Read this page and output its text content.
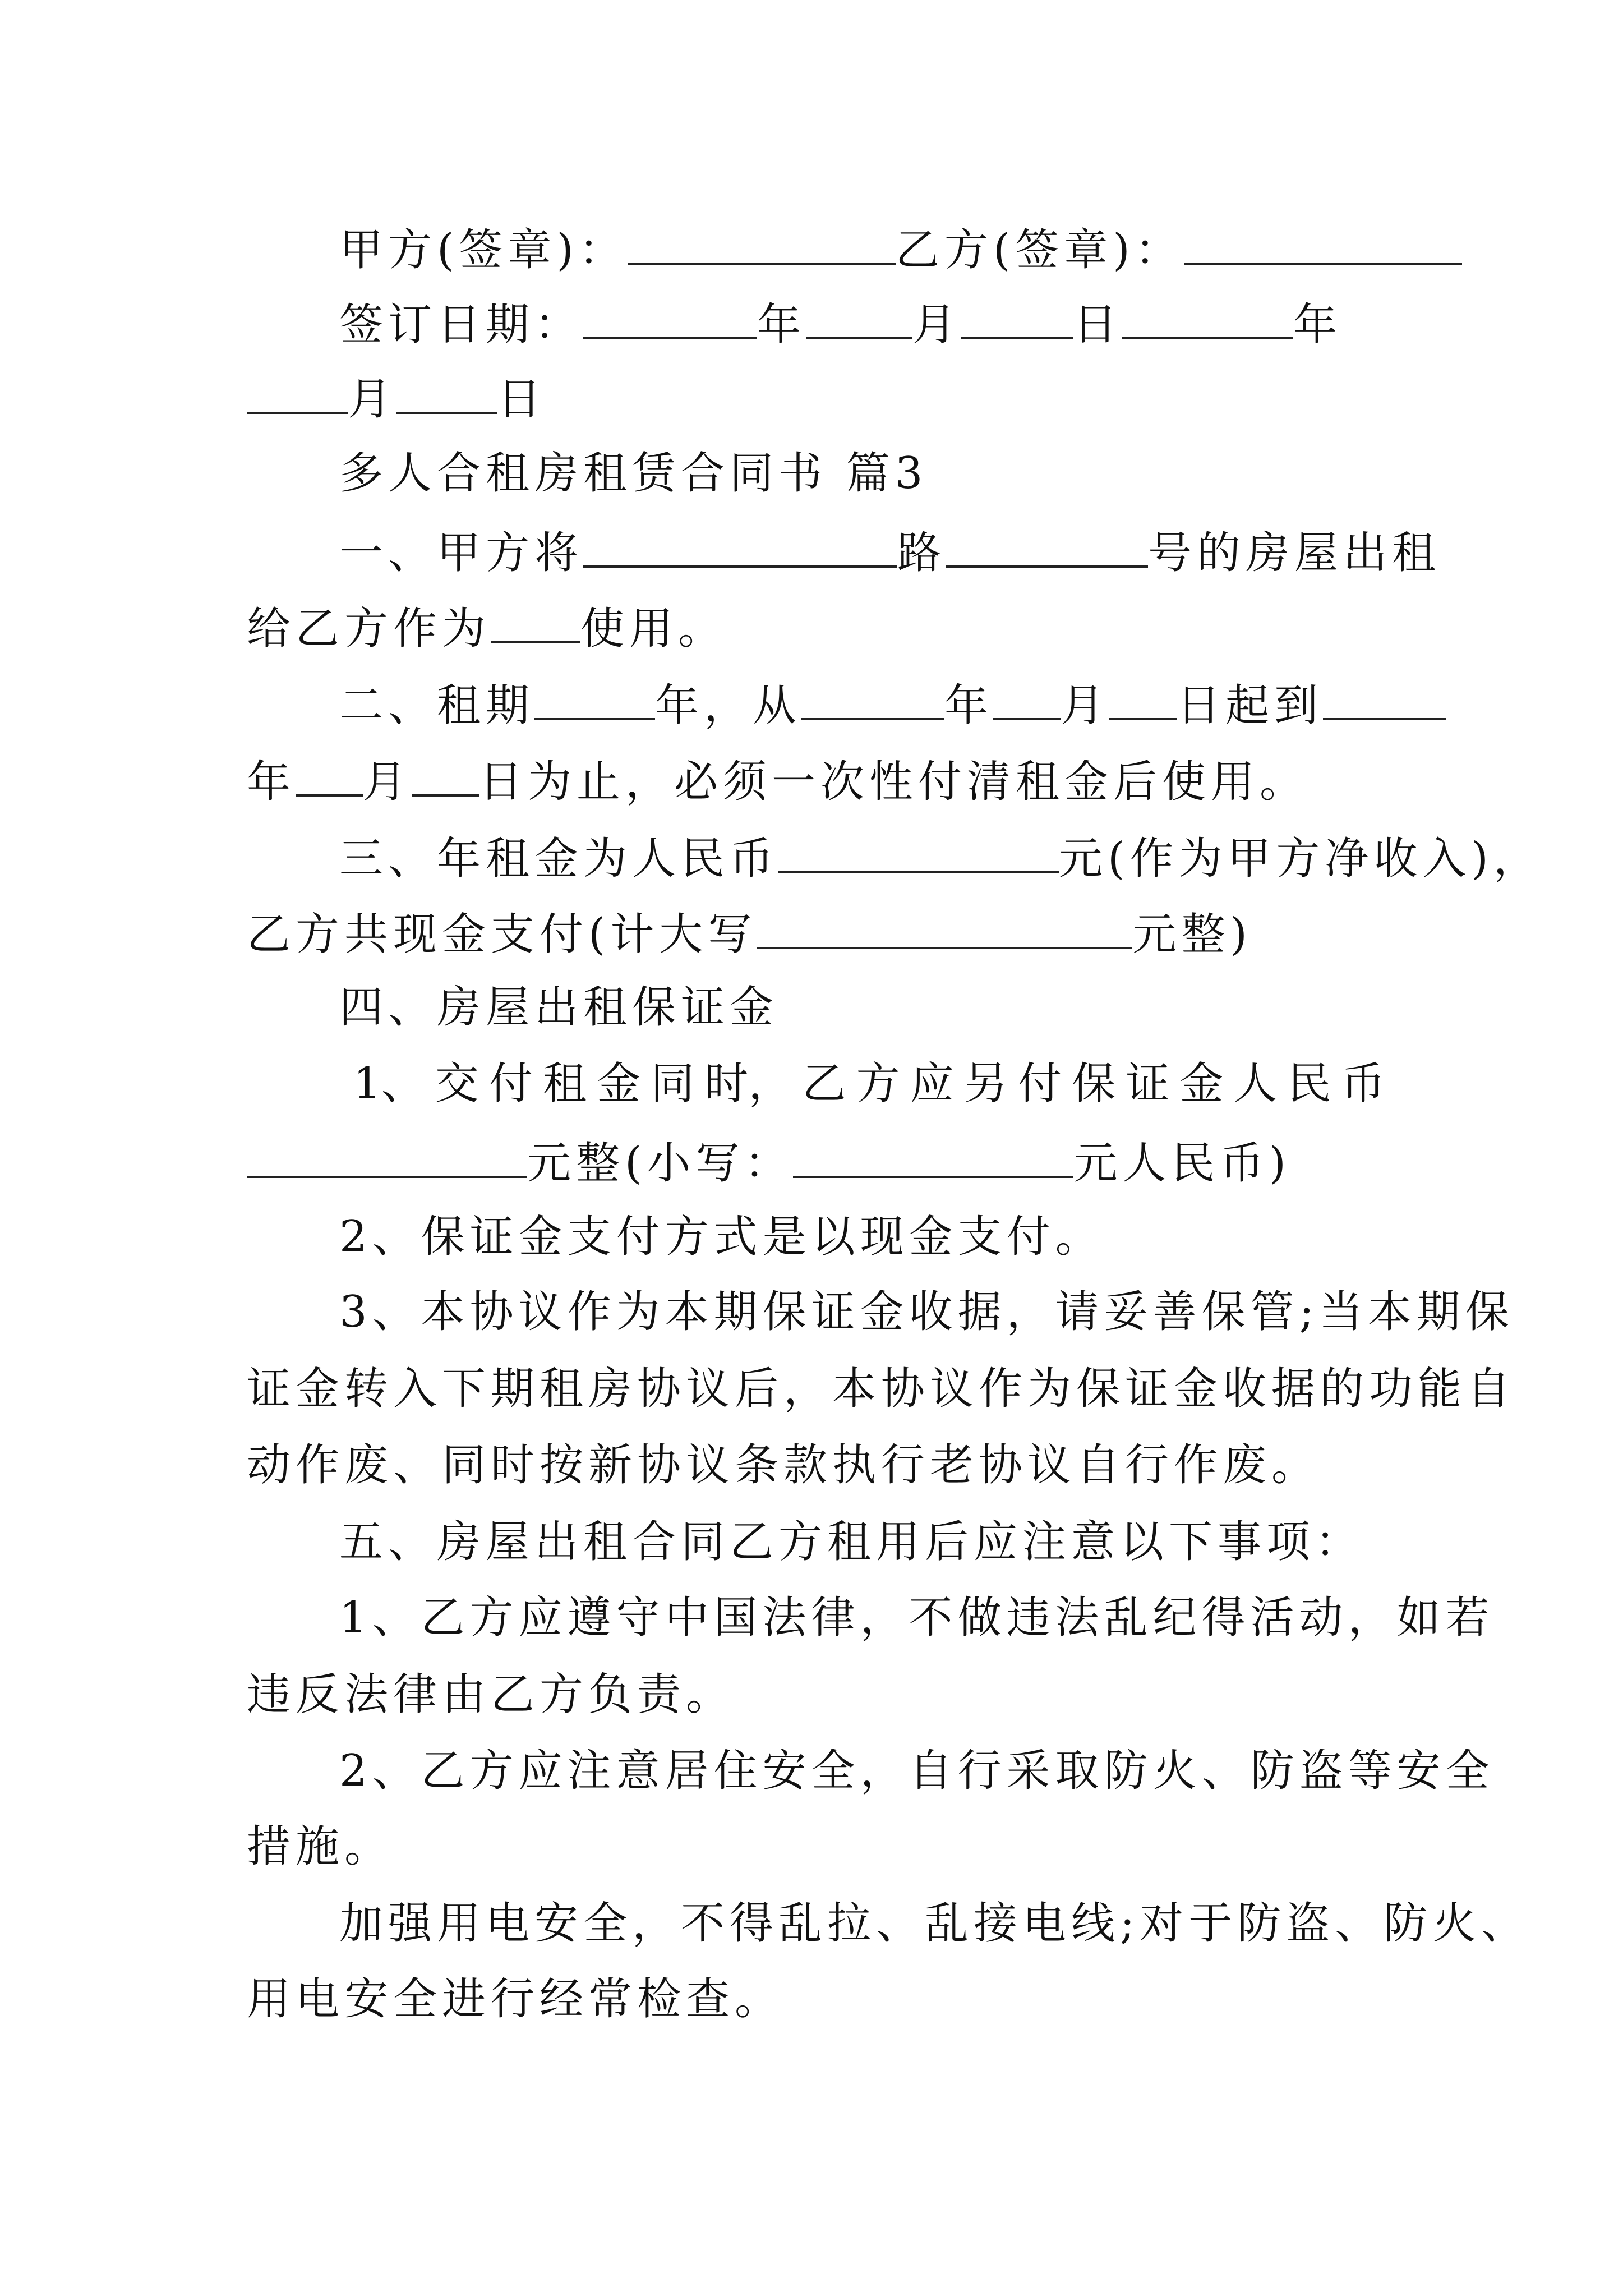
甲方(签章)：	乙方(签章)：
签订日期：	年 月	日	年
月 日
多人合租房租赁合同书 篇3
一、甲方将	路	号的房屋出租
给乙方作为 使用。
二、租期	年，从	年 月 日起到
年 月 日为止，必须一次性付清租金后使用。
三、年租金为人民币	元(作为甲方净收入)，
乙方共现金支付(计大写	元整)
四、房屋出租保证金
1、 交 付 租 金 同 时， 乙 方 应 另 付 保 证 金 人 民 币
元整(小写：	元人民币)
2、保证金支付方式是以现金支付。
3、本协议作为本期保证金收据，请妥善保管;当本期保
证金转入下期租房协议后，本协议作为保证金收据的功能自
动作废、同时按新协议条款执行老协议自行作废。
五、房屋出租合同乙方租用后应注意以下事项：
1、乙方应遵守中国法律，不做违法乱纪得活动，如若
违反法律由乙方负责。
2、乙方应注意居住安全，自行采取防火、防盗等安全
措施。
加强用电安全，不得乱拉、乱接电线;对于防盗、防火、
用电安全进行经常检查。
